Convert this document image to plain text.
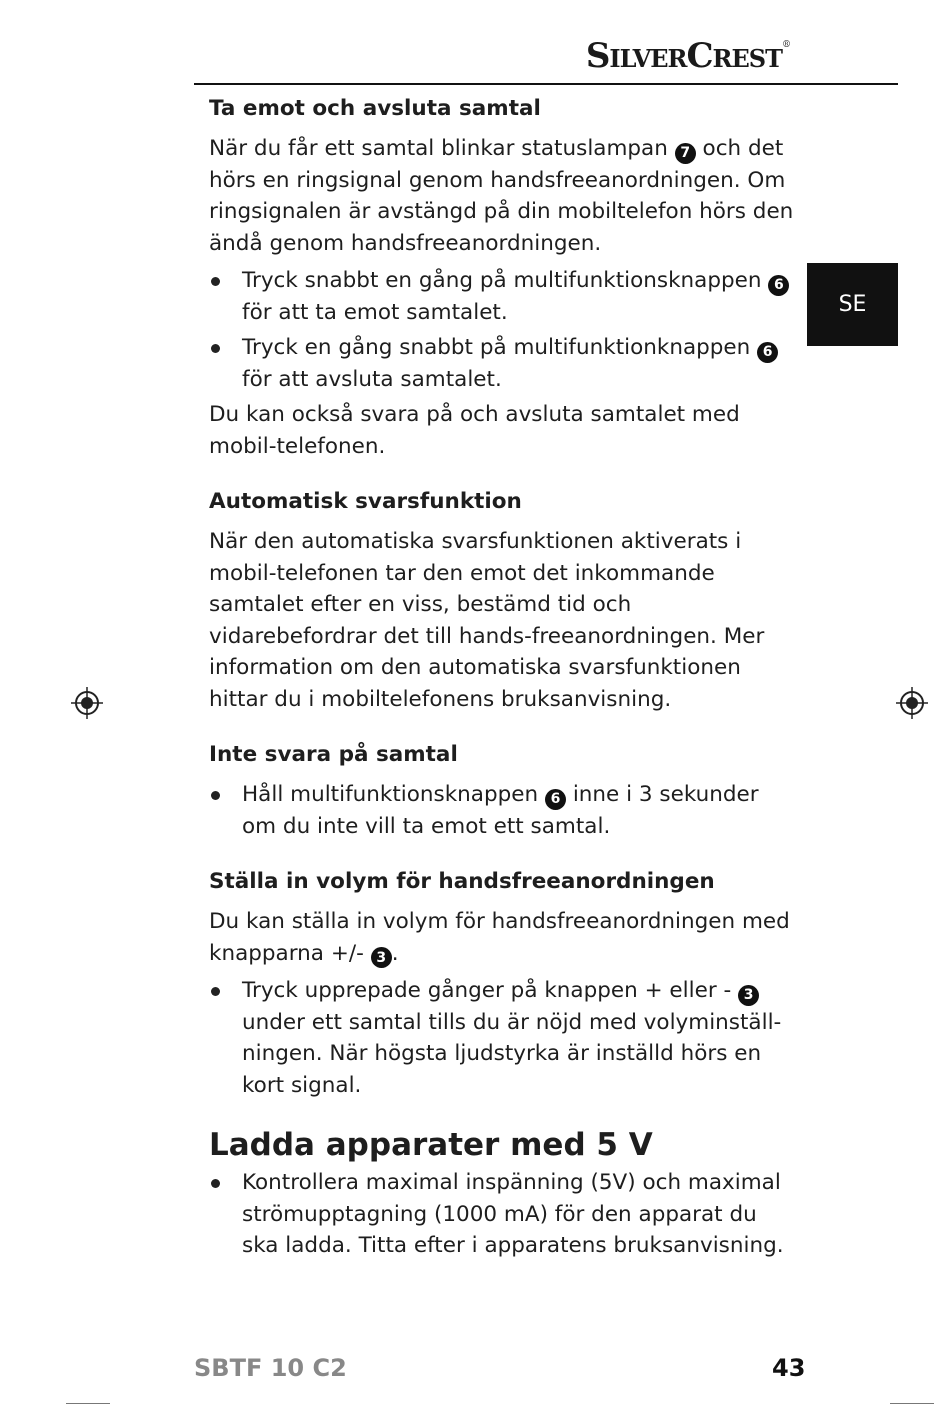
SilverCrest®
SE
Ta emot och avsluta samtal

När du får ett samtal blinkar statuslampan 7 och det hörs en ringsignal genom handsfreeanordningen. Om ringsignalen är avstängd på din mobiltelefon hörs den ändå genom handsfreeanordningen.

Tryck snabbt en gång på multifunktionsknappen 6 för att ta emot samtalet.
Tryck en gång snabbt på multifunktionknappen 6 för att avsluta samtalet.

Du kan också svara på och avsluta samtalet med mobil-telefonen.

Automatisk svarsfunktion

När den automatiska svarsfunktionen aktiverats i mobil-telefonen tar den emot det inkommande samtalet efter en viss, bestämd tid och vidarebefordrar det till hands-freeanordningen. Mer information om den automatiska svarsfunktionen hittar du i mobiltelefonens bruksanvisning.

Inte svara på samtal
Håll multifunktionsknappen 6 inne i 3 sekunder om du inte vill ta emot ett samtal.
Ställa in volym för handsfreeanordningen

Du kan ställa in volym för handsfreeanordningen med knapparna +/- 3 .

Tryck upprepade gånger på knappen + eller - 3 under ett samtal tills du är nöjd med volyminställ-ningen. När högsta ljudstyrka är inställd hörs en kort signal.
Ladda apparater med 5 V
Kontrollera maximal inspänning (5V) och maximal strömupptagning (1000 mA) för den apparat du ska ladda. Titta efter i apparatens bruksanvisning.
SBTF 10 C2	43
